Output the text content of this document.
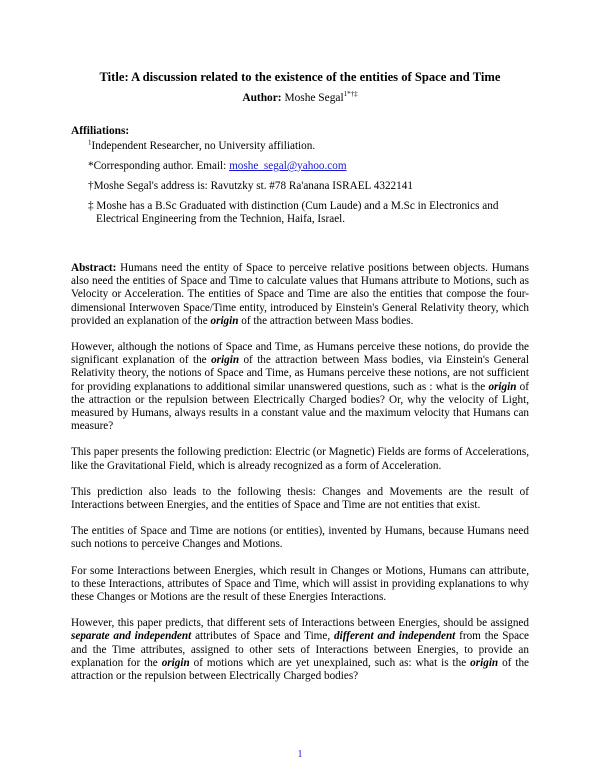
Title: A discussion related to the existence of the entities of Space and Time
Author: Moshe Segal$^{1*\dagger\ddagger}$
Affiliations:
$^1$Independent Researcher, no University affiliation.
*Corresponding author. Email: moshe_segal@yahoo.com
†Moshe Segal's address is: Ravutzky st. #78 Ra'anana ISRAEL 4322141
‡ Moshe has a B.Sc Graduated with distinction (Cum Laude) and a M.Sc in Electronics and
Electrical Engineering from the Technion, Haifa, Israel.

Abstract: Humans need the entity of Space to perceive relative positions between objects. Humans also need the entities of Space and Time to calculate values that Humans attribute to Motions, such as Velocity or Acceleration. The entities of Space and Time are also the entities that compose the four-dimensional Interwoven Space/Time entity, introduced by Einstein's General Relativity theory, which provided an explanation of the origin of the attraction between Mass bodies.

However, although the notions of Space and Time, as Humans perceive these notions, do provide the significant explanation of the origin of the attraction between Mass bodies, via Einstein's General Relativity theory, the notions of Space and Time, as Humans perceive these notions, are not sufficient for providing explanations to additional similar unanswered questions, such as : what is the origin of the attraction or the repulsion between Electrically Charged bodies? Or, why the velocity of Light, measured by Humans, always results in a constant value and the maximum velocity that Humans can measure?

This paper presents the following prediction: Electric (or Magnetic) Fields are forms of Accelerations, like the Gravitational Field, which is already recognized as a form of Acceleration.

This prediction also leads to the following thesis: Changes and Movements are the result of Interactions between Energies, and the entities of Space and Time are not entities that exist.

The entities of Space and Time are notions (or entities), invented by Humans, because Humans need such notions to perceive Changes and Motions.

For some Interactions between Energies, which result in Changes or Motions, Humans can attribute, to these Interactions, attributes of Space and Time, which will assist in providing explanations to why these Changes or Motions are the result of these Energies Interactions.

However, this paper predicts, that different sets of Interactions between Energies, should be assigned separate and independent attributes of Space and Time, different and independent from the Space and the Time attributes, assigned to other sets of Interactions between Energies, to provide an explanation for the origin of motions which are yet unexplained, such as: what is the origin of the attraction or the repulsion between Electrically Charged bodies?

1
